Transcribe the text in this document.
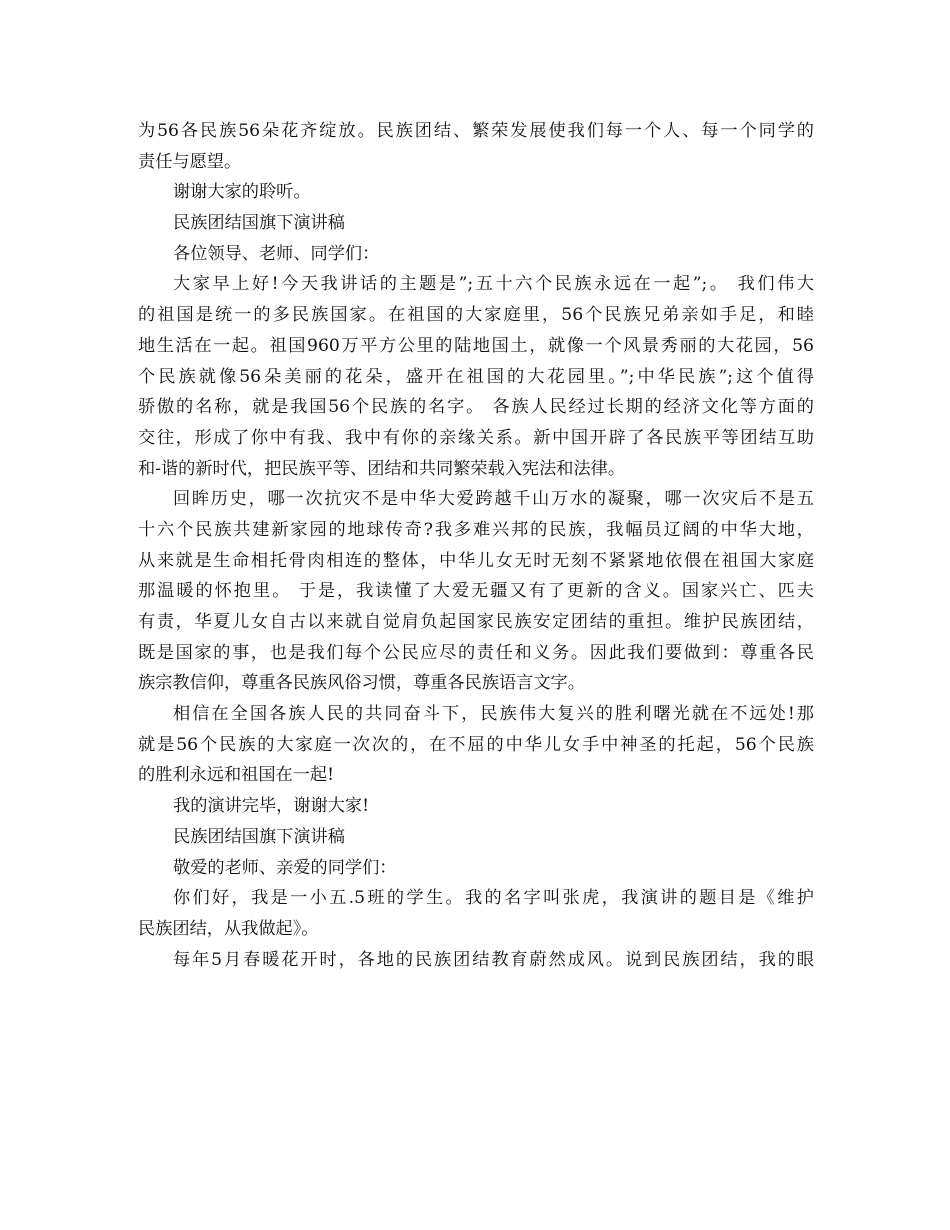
为56各民族56朵花齐绽放。民族团结、繁荣发展使我们每一个人、每一个同学的
责任与愿望。
谢谢大家的聆听。
民族团结国旗下演讲稿
各位领导、老师、同学们：
大家早上好!今天我讲话的主题是”;五十六个民族永远在一起”;。 我们伟大
的祖国是统一的多民族国家。在祖国的大家庭里，56个民族兄弟亲如手足，和睦
地生活在一起。祖国960万平方公里的陆地国土，就像一个风景秀丽的大花园，56
个民族就像56朵美丽的花朵，盛开在祖国的大花园里。”;中华民族”;这个值得
骄傲的名称，就是我国56个民族的名字。 各族人民经过长期的经济文化等方面的
交往，形成了你中有我、我中有你的亲缘关系。新中国开辟了各民族平等团结互助
和-谐的新时代，把民族平等、团结和共同繁荣载入宪法和法律。
回眸历史，哪一次抗灾不是中华大爱跨越千山万水的凝聚，哪一次灾后不是五
十六个民族共建新家园的地球传奇?我多难兴邦的民族，我幅员辽阔的中华大地，
从来就是生命相托骨肉相连的整体，中华儿女无时无刻不紧紧地依偎在祖国大家庭
那温暖的怀抱里。 于是，我读懂了大爱无疆又有了更新的含义。国家兴亡、匹夫
有责，华夏儿女自古以来就自觉肩负起国家民族安定团结的重担。维护民族团结，
既是国家的事，也是我们每个公民应尽的责任和义务。因此我们要做到：尊重各民
族宗教信仰，尊重各民族风俗习惯，尊重各民族语言文字。
相信在全国各族人民的共同奋斗下，民族伟大复兴的胜利曙光就在不远处!那
就是56个民族的大家庭一次次的，在不屈的中华儿女手中神圣的托起，56个民族
的胜利永远和祖国在一起!
我的演讲完毕，谢谢大家!
民族团结国旗下演讲稿
敬爱的老师、亲爱的同学们：
你们好，我是一小五.5班的学生。我的名字叫张虎，我演讲的题目是《维护
民族团结，从我做起》。
每年5月春暖花开时，各地的民族团结教育蔚然成风。说到民族团结，我的眼
